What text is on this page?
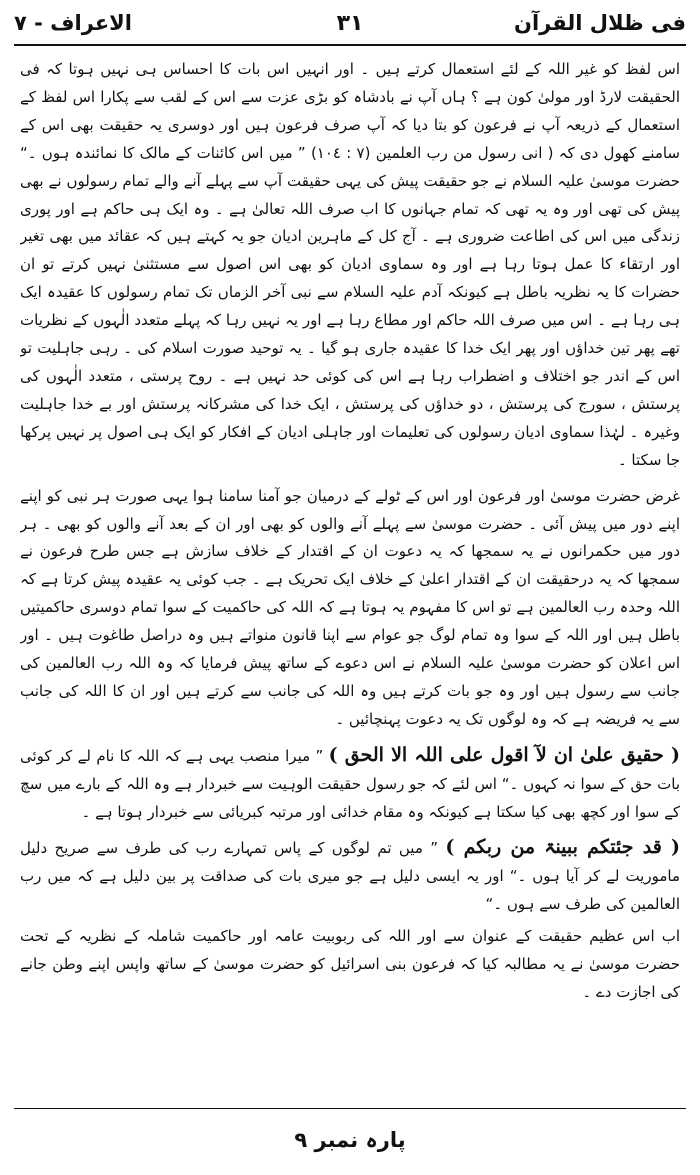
الاعراف - ٧	٣١	فی ظلال القرآن

اس لفظ کو غیر اللہ کے لئے استعمال کرتے ہیں ۔ اور انہیں اس بات کا احساس ہی نہیں ہوتا کہ فی الحقیقت لارڈ اور مولیٰ کون ہے ؟ ہاں آپ نے بادشاہ کو بڑی عزت سے اس کے لقب سے پکارا اس لفظ کے استعمال کے ذریعہ آپ نے فرعون کو بتا دیا کہ آپ صرف فرعون ہیں اور دوسری یہ حقیقت بھی اس کے سامنے کھول دی کہ ( انی رسول من رب العلمین (٧ : ١٠٤) ” میں اس کائنات کے مالک کا نمائندہ ہوں ۔“ حضرت موسیٰ علیہ السلام نے جو حقیقت پیش کی یہی حقیقت آپ سے پہلے آنے والے تمام رسولوں نے بھی پیش کی تھی اور وہ یہ تھی کہ تمام جہانوں کا اب صرف اللہ تعالیٰ ہے ۔ وہ ایک ہی حاکم ہے اور پوری زندگی میں اس کی اطاعت ضروری ہے ۔ آج کل کے ماہرین ادیان جو یہ کہتے ہیں کہ عقائد میں بھی تغیر اور ارتقاء کا عمل ہوتا رہا ہے اور وہ سماوی ادیان کو بھی اس اصول سے مستثنیٰ نہیں کرتے تو ان حضرات کا یہ نظریہ باطل ہے کیونکہ آدم علیہ السلام سے نبی آخر الزماں تک تمام رسولوں کا عقیدہ ایک ہی رہا ہے ۔ اس میں صرف اللہ حاکم اور مطاع رہا ہے اور یہ نہیں رہا کہ پہلے متعدد الٰہوں کے نظریات تھے پھر تین خداؤں اور پھر ایک خدا کا عقیدہ جاری ہو گیا ۔ یہ توحید صورت اسلام کی ۔ رہی جاہلیت تو اس کے اندر جو اختلاف و اضطراب رہا ہے اس کی کوئی حد نہیں ہے ۔ روح پرستی ، متعدد الٰہوں کی پرستش ، سورج کی پرستش ، دو خداؤں کی پرستش ، ایک خدا کی مشرکانہ پرستش اور بے خدا جاہلیت وغیرہ ۔ لہٰذا سماوی ادیان رسولوں کی تعلیمات اور جاہلی ادیان کے افکار کو ایک ہی اصول پر نہیں پرکھا جا سکتا ۔

غرض حضرت موسیٰ اور فرعون اور اس کے ٹولے کے درمیان جو آمنا سامنا ہوا یہی صورت ہر نبی کو اپنے اپنے دور میں پیش آئی ۔ حضرت موسیٰ سے پہلے آنے والوں کو بھی اور ان کے بعد آنے والوں کو بھی ۔ ہر دور میں حکمرانوں نے یہ سمجھا کہ یہ دعوت ان کے اقتدار کے خلاف سازش ہے جس طرح فرعون نے سمجھا کہ یہ درحقیقت ان کے اقتدار اعلیٰ کے خلاف ایک تحریک ہے ۔ جب کوئی یہ عقیدہ پیش کرتا ہے کہ اللہ وحدہ رب العالمین ہے تو اس کا مفہوم یہ ہوتا ہے کہ اللہ کی حاکمیت کے سوا تمام دوسری حاکمیتیں باطل ہیں اور اللہ کے سوا وہ تمام لوگ جو عوام سے اپنا قانون منواتے ہیں وہ دراصل طاغوت ہیں ۔ اور اس اعلان کو حضرت موسیٰ علیہ السلام نے اس دعوے کے ساتھ پیش فرمایا کہ وہ اللہ رب العالمین کی جانب سے رسول ہیں اور وہ جو بات کرتے ہیں وہ اللہ کی جانب سے کرتے ہیں اور ان کا اللہ کی جانب سے یہ فریضہ ہے کہ وہ لوگوں تک یہ دعوت پہنچائیں ۔

( حقیق علیٰ ان لآ اقول علی اللہ الا الحق ) ” میرا منصب یہی ہے کہ اللہ کا نام لے کر کوئی بات حق کے سوا نہ کہوں ۔“ اس لئے کہ جو رسول حقیقت الوہیت سے خبردار ہے وہ اللہ کے بارے میں سچ کے سوا اور کچھ بھی کیا سکتا ہے کیونکہ وہ مقام خدائی اور مرتبہ کبریائی سے خبردار ہوتا ہے ۔

( قد جئتکم ببینۃ من ربکم ) ” میں تم لوگوں کے پاس تمہارے رب کی طرف سے صریح دلیل ماموریت لے کر آیا ہوں ۔“ اور یہ ایسی دلیل ہے جو میری بات کی صداقت پر بین دلیل ہے کہ میں رب العالمین کی طرف سے ہوں ۔“

اب اس عظیم حقیقت کے عنوان سے اور اللہ کی ربوبیت عامہ اور حاکمیت شاملہ کے نظریہ کے تحت حضرت موسیٰ نے یہ مطالبہ کیا کہ فرعون بنی اسرائیل کو حضرت موسیٰ کے ساتھ واپس اپنے وطن جانے کی اجازت دے ۔

پارہ نمبر ٩
